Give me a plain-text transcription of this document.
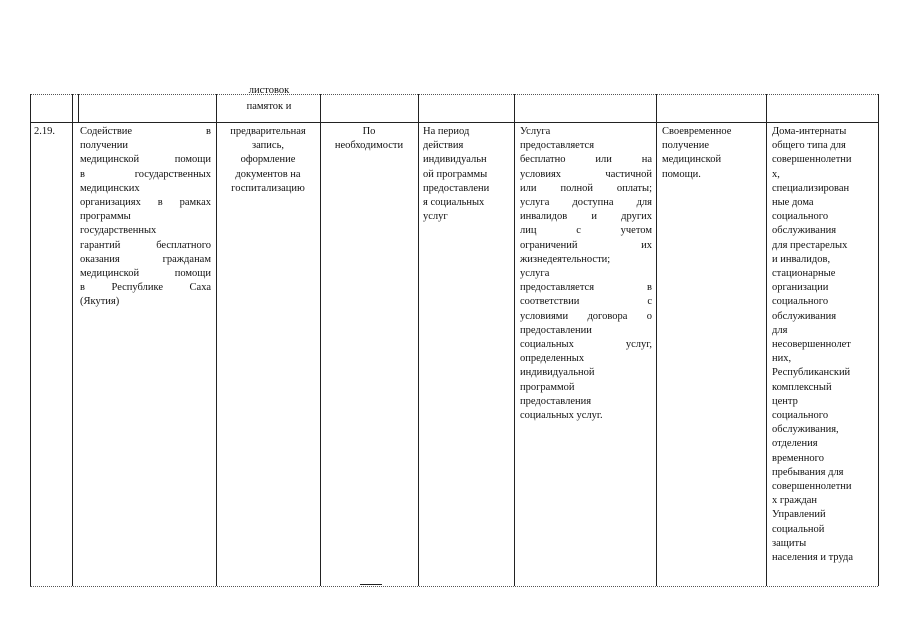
листовок
памяток и
2.19.	Содействие в
получении
медицинской помощи
в государственных
медицинских
организациях в рамках
программы
государственных
гарантий бесплатного
оказания гражданам
медицинской помощи
в Республике Саха
(Якутия)
предварительная
запись,
оформление
документов на
госпитализацию
По
необходимости
На период
действия
индивидуальн
ой программы
предоставлени
я социальных
услуг
Услуга
предоставляется
бесплатно или на
условиях частичной
или полной оплаты;
услуга доступна для
инвалидов и других
лиц с учетом
ограничений их
жизнедеятельности;
услуга
предоставляется в
соответствии с
условиями договора о
предоставлении
социальных услуг,
определенных
индивидуальной
программой
предоставления
социальных услуг.
Своевременное
получение
медицинской
помощи.
Дома-интернаты
общего типа для
совершеннолетни
х,
специализирован
ные дома
социального
обслуживания
для престарелых
и инвалидов,
стационарные
организации
социального
обслуживания
для
несовершеннолет
них,
Республиканский
комплексный
центр
социального
обслуживания,
отделения
временного
пребывания для
совершеннолетни
х граждан
Управлений
социальной
защиты
населения и труда
